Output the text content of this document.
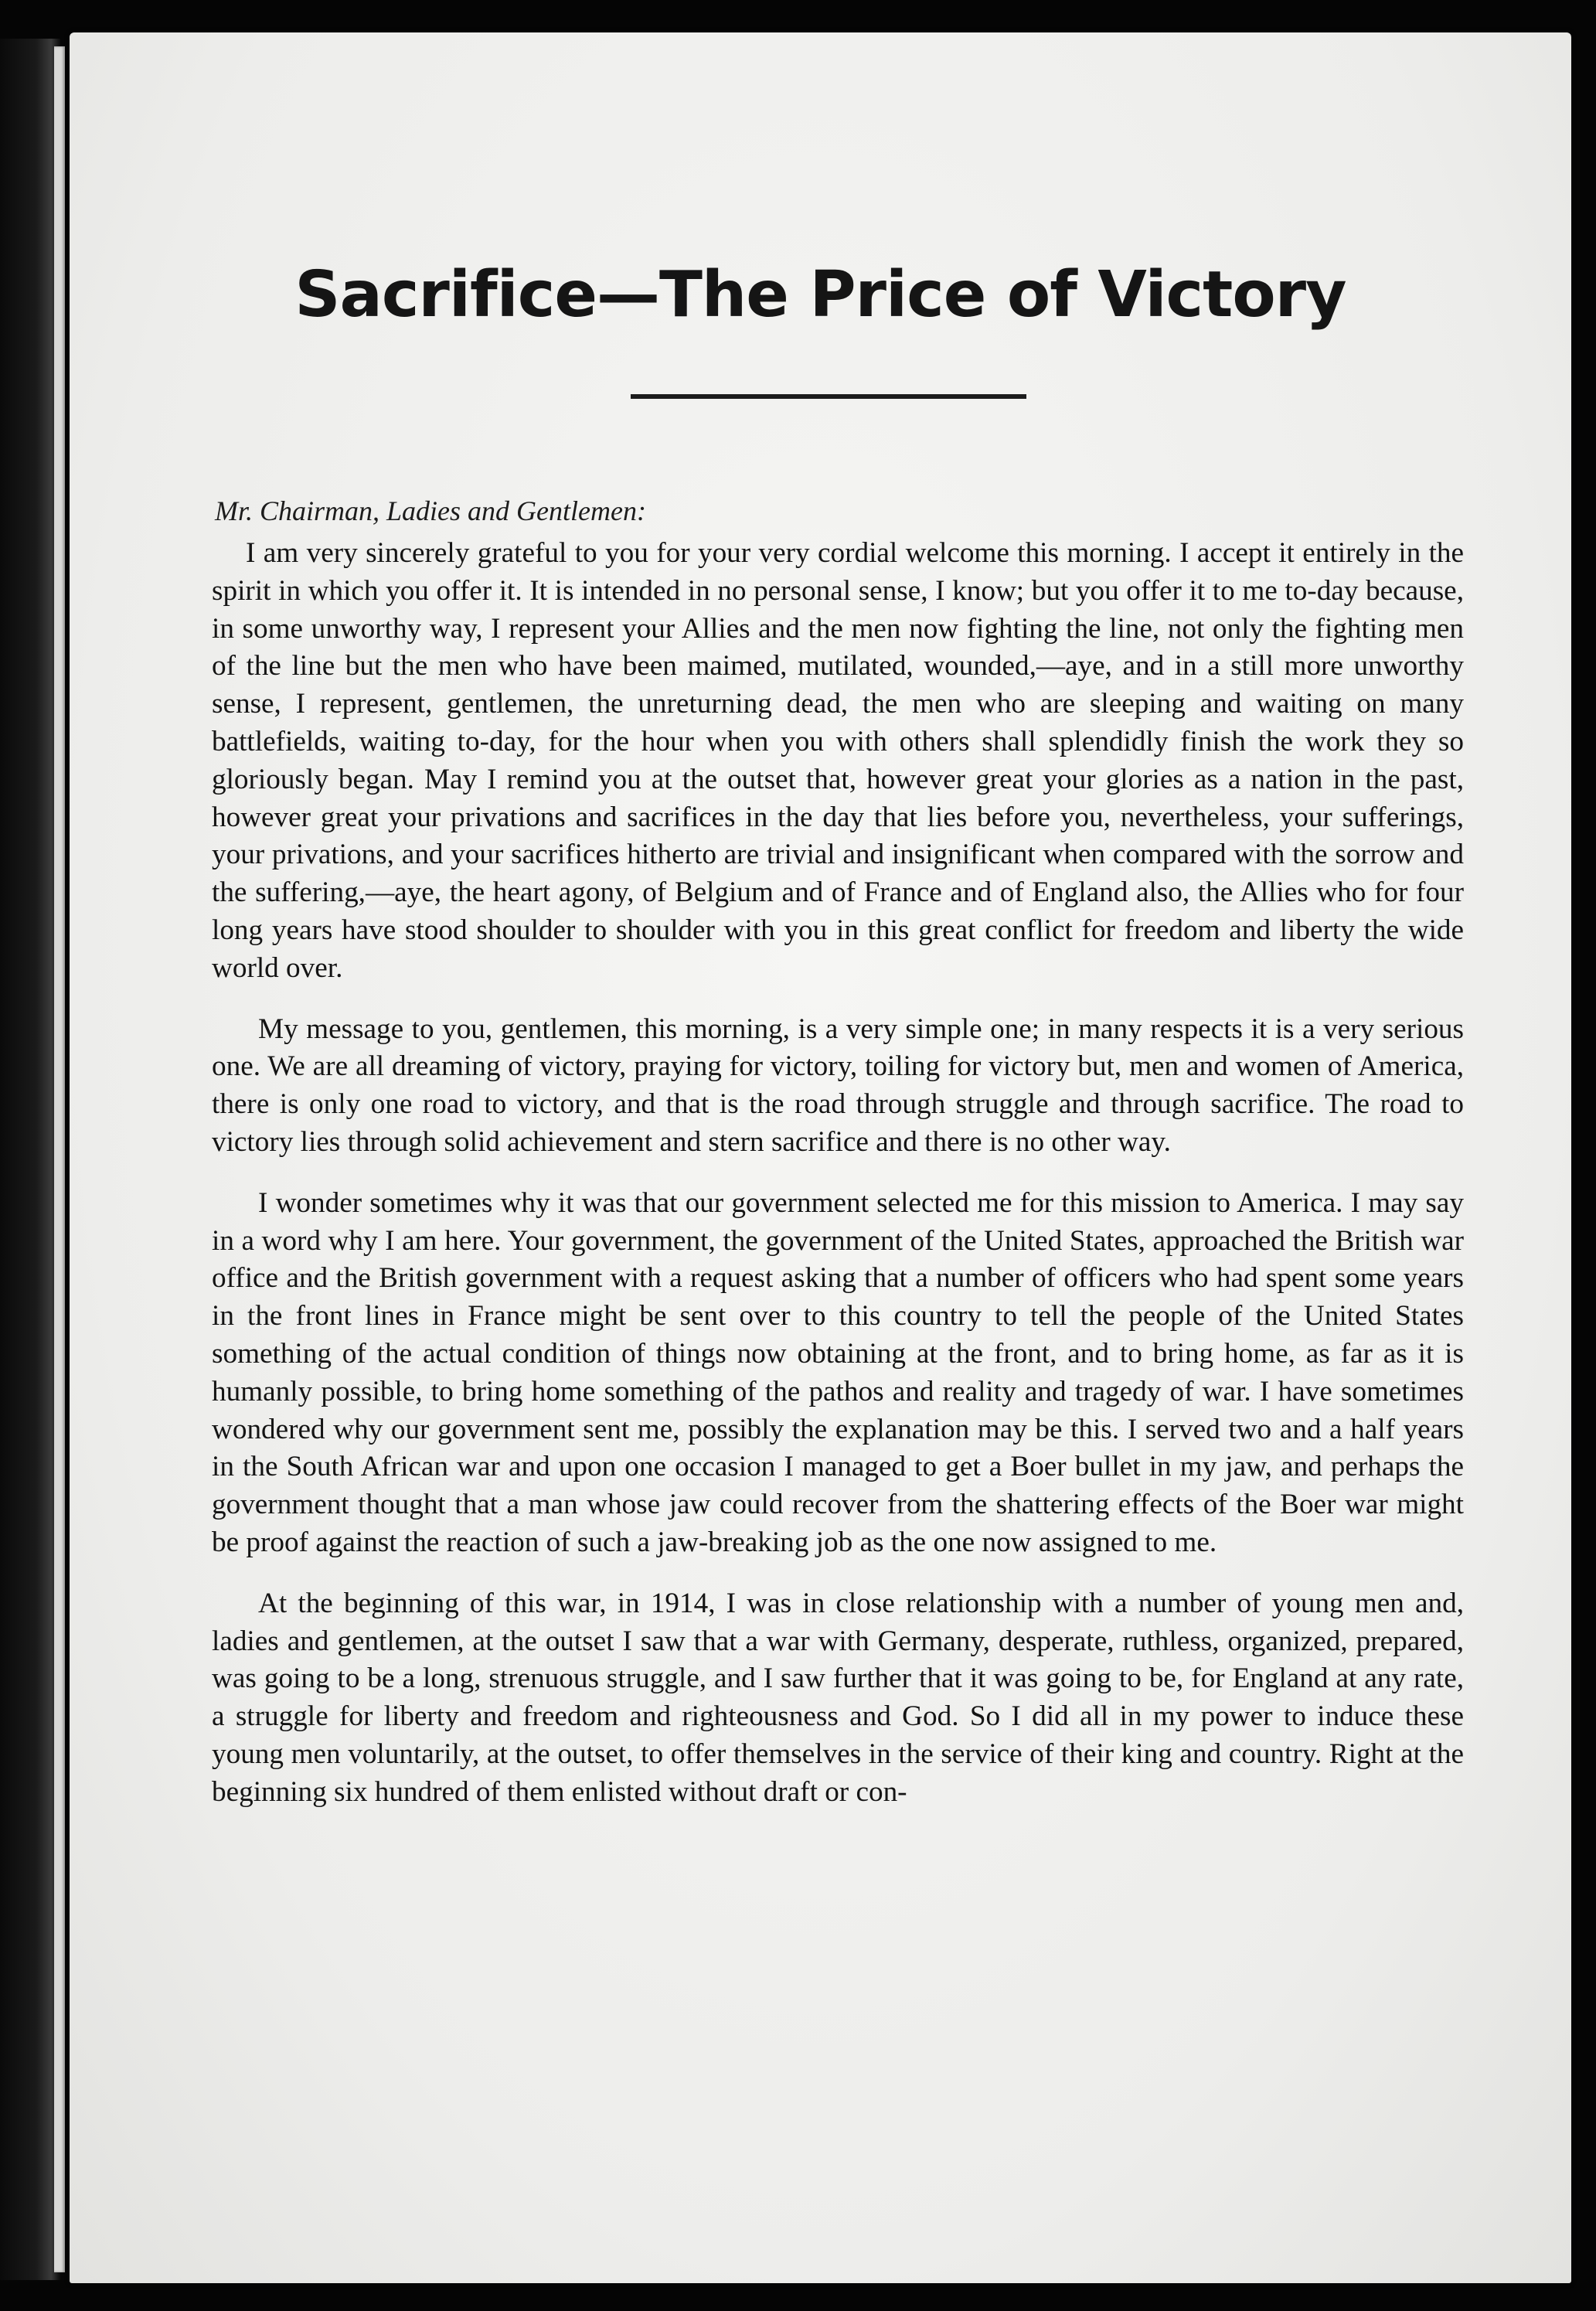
Sacrifice—The Price of Victory
Mr. Chairman, Ladies and Gentlemen:

I am very sincerely grateful to you for your very cordial welcome this morning. I accept it entirely in the spirit in which you offer it. It is intended in no personal sense, I know; but you offer it to me to-day because, in some unworthy way, I represent your Allies and the men now fighting the line, not only the fighting men of the line but the men who have been maimed, mutilated, wounded,—aye, and in a still more unworthy sense, I represent, gentlemen, the unreturning dead, the men who are sleeping and waiting on many battlefields, waiting to-day, for the hour when you with others shall splendidly finish the work they so gloriously began. May I remind you at the outset that, however great your glories as a nation in the past, however great your privations and sacrifices in the day that lies before you, nevertheless, your sufferings, your privations, and your sacrifices hitherto are trivial and insignificant when compared with the sorrow and the suffering,—aye, the heart agony, of Belgium and of France and of England also, the Allies who for four long years have stood shoulder to shoulder with you in this great conflict for freedom and liberty the wide world over.

My message to you, gentlemen, this morning, is a very simple one; in many respects it is a very serious one. We are all dreaming of victory, praying for victory, toiling for victory but, men and women of America, there is only one road to victory, and that is the road through struggle and through sacrifice. The road to victory lies through solid achievement and stern sacrifice and there is no other way.

I wonder sometimes why it was that our government selected me for this mission to America. I may say in a word why I am here. Your government, the government of the United States, approached the British war office and the British government with a request asking that a number of officers who had spent some years in the front lines in France might be sent over to this country to tell the people of the United States something of the actual condition of things now obtaining at the front, and to bring home, as far as it is humanly possible, to bring home something of the pathos and reality and tragedy of war. I have sometimes wondered why our government sent me, possibly the explanation may be this. I served two and a half years in the South African war and upon one occasion I managed to get a Boer bullet in my jaw, and perhaps the government thought that a man whose jaw could recover from the shattering effects of the Boer war might be proof against the reaction of such a jaw-breaking job as the one now assigned to me.

At the beginning of this war, in 1914, I was in close relationship with a number of young men and, ladies and gentlemen, at the outset I saw that a war with Germany, desperate, ruthless, organized, prepared, was going to be a long, strenuous struggle, and I saw further that it was going to be, for England at any rate, a struggle for liberty and freedom and righteousness and God. So I did all in my power to induce these young men voluntarily, at the outset, to offer themselves in the service of their king and country. Right at the beginning six hundred of them enlisted without draft or con-
